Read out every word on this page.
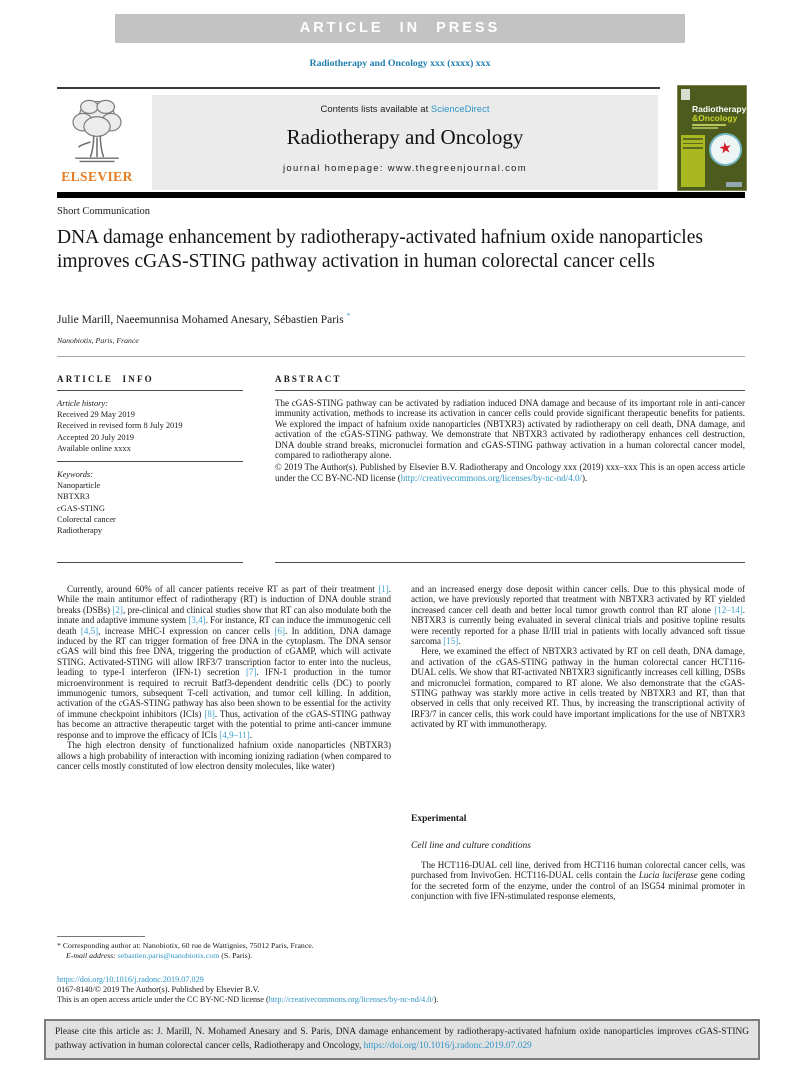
ARTICLE IN PRESS
Radiotherapy and Oncology xxx (xxxx) xxx
ELSEVIER
Contents lists available at ScienceDirect
Radiotherapy and Oncology
journal homepage: www.thegreenjournal.com
Radiotherapy
&Oncology
★
Short Communication
DNA damage enhancement by radiotherapy-activated hafnium oxide nanoparticles improves cGAS-STING pathway activation in human colorectal cancer cells
Julie Marill, Naeemunnisa Mohamed Anesary, Sébastien Paris *
Nanobiotix, Paris, France
ARTICLE INFO
Article history:
Received 29 May 2019
Received in revised form 8 July 2019
Accepted 20 July 2019
Available online xxxx
Keywords:
Nanoparticle
NBTXR3
cGAS-STING
Colorectal cancer
Radiotherapy
ABSTRACT
The cGAS-STING pathway can be activated by radiation induced DNA damage and because of its important role in anti-cancer immunity activation, methods to increase its activation in cancer cells could provide significant therapeutic benefits for patients. We explored the impact of hafnium oxide nanoparticles (NBTXR3) activated by radiotherapy on cell death, DNA damage, and activation of the cGAS-STING pathway. We demonstrate that NBTXR3 activated by radiotherapy enhances cell destruction, DNA double strand breaks, micronuclei formation and cGAS-STING pathway activation in a human colorectal cancer model, compared to radiotherapy alone.
© 2019 The Author(s). Published by Elsevier B.V. Radiotherapy and Oncology xxx (2019) xxx–xxx This is an open access article under the CC BY-NC-ND license (http://creativecommons.org/licenses/by-nc-nd/4.0/).

Currently, around 60% of all cancer patients receive RT as part of their treatment [1]. While the main antitumor effect of radiotherapy (RT) is induction of DNA double strand breaks (DSBs) [2], pre-clinical and clinical studies show that RT can also modulate both the innate and adaptive immune system [3,4]. For instance, RT can induce the immunogenic cell death [4,5], increase MHC-I expression on cancer cells [6]. In addition, DNA damage induced by the RT can trigger formation of free DNA in the cytoplasm. The DNA sensor cGAS will bind this free DNA, triggering the production of cGAMP, which will activate STING. Activated-STING will allow IRF3/7 transcription factor to enter into the nucleus, leading to type-I interferon (IFN-1) secretion [7]. IFN-1 production in the tumor microenvironment is required to recruit Batf3-dependent dendritic cells (DC) to poorly immunogenic tumors, subsequent T-cell activation, and tumor cell killing. In addition, activation of the cGAS-STING pathway has also been shown to be essential for the activity of immune checkpoint inhibitors (ICIs) [8]. Thus, activation of the cGAS-STING pathway has become an attractive therapeutic target with the potential to prime anti-cancer immune response and to improve the efficacy of ICIs [4,9–11].

The high electron density of functionalized hafnium oxide nanoparticles (NBTXR3) allows a high probability of interaction with incoming ionizing radiation (when compared to cancer cells mostly constituted of low electron density molecules, like water)

and an increased energy dose deposit within cancer cells. Due to this physical mode of action, we have previously reported that treatment with NBTXR3 activated by RT yielded increased cancer cell death and better local tumor growth control than RT alone [12–14]. NBTXR3 is currently being evaluated in several clinical trials and positive topline results were recently reported for a phase II/III trial in patients with locally advanced soft tissue sarcoma [15].

Here, we examined the effect of NBTXR3 activated by RT on cell death, DNA damage, and activation of the cGAS-STING pathway in the human colorectal cancer HCT116-DUAL cells. We show that RT-activated NBTXR3 significantly increases cell killing, DSBs and micronuclei formation, compared to RT alone. We also demonstrate that the cGAS-STING pathway was starkly more active in cells treated by NBTXR3 and RT, than that observed in cells that only received RT. Thus, by increasing the transcriptional activity of IRF3/7 in cancer cells, this work could have important implications for the use of NBTXR3 activated by RT with immunotherapy.

Experimental
Cell line and culture conditions

The HCT116-DUAL cell line, derived from HCT116 human colorectal cancer cells, was purchased from InvivoGen. HCT116-DUAL cells contain the Lucia luciferase gene coding for the secreted form of the enzyme, under the control of an ISG54 minimal promoter in conjunction with five IFN-stimulated response elements,

* Corresponding author at: Nanobiotix, 60 rue de Wattignies, 75012 Paris, France.
E-mail address: sebastien.paris@nanobiotix.com (S. Paris).
https://doi.org/10.1016/j.radonc.2019.07.029
0167-8140/© 2019 The Author(s). Published by Elsevier B.V.
This is an open access article under the CC BY-NC-ND license (http://creativecommons.org/licenses/by-nc-nd/4.0/).
Please cite this article as: J. Marill, N. Mohamed Anesary and S. Paris, DNA damage enhancement by radiotherapy-activated hafnium oxide nanoparticles improves cGAS-STING pathway activation in human colorectal cancer cells, Radiotherapy and Oncology, https://doi.org/10.1016/j.radonc.2019.07.029
